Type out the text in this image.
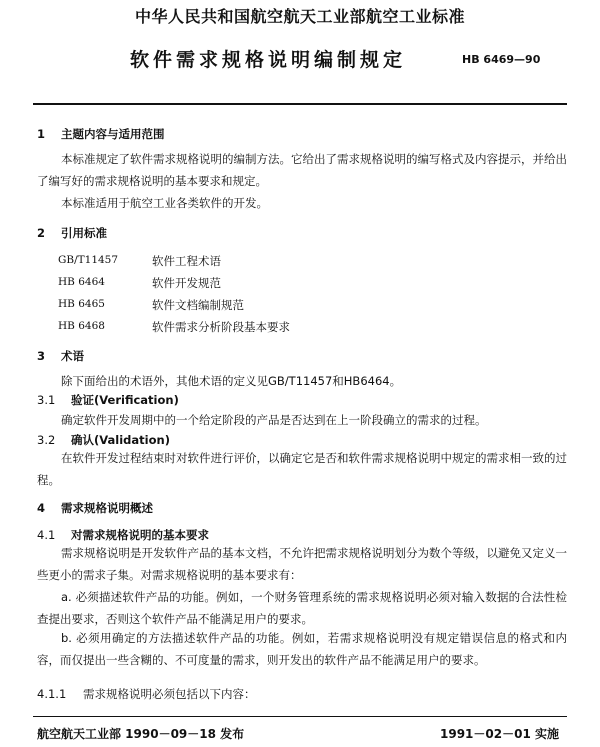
中华人民共和国航空航天工业部航空工业标准
软件需求规格说明编制规定	HB 6469—90
1 主题内容与适用范围
本标准规定了软件需求规格说明的编制方法。它给出了需求规格说明的编写格式及内容提示，并给出了编写好的需求规格说明的基本要求和规定。
本标准适用于航空工业各类软件的开发。
2 引用标准
GB/T11457	软件工程术语
HB 6464	软件开发规范
HB 6465	软件文档编制规范
HB 6468	软件需求分析阶段基本要求
3 术语
除下面给出的术语外，其他术语的定义见GB/T11457和HB6464。
3.1 验证(Verification)
确定软件开发周期中的一个给定阶段的产品是否达到在上一阶段确立的需求的过程。
3.2 确认(Validation)
在软件开发过程结束时对软件进行评价，以确定它是否和软件需求规格说明中规定的需求相一致的过程。
4 需求规格说明概述
4.1 对需求规格说明的基本要求
需求规格说明是开发软件产品的基本文档，不允许把需求规格说明划分为数个等级，以避免又定义一些更小的需求子集。对需求规格说明的基本要求有：
a. 必须描述软件产品的功能。例如，一个财务管理系统的需求规格说明必须对输入数据的合法性检查提出要求，否则这个软件产品不能满足用户的要求。
b. 必须用确定的方法描述软件产品的功能。例如，若需求规格说明没有规定错误信息的格式和内容，而仅提出一些含糊的、不可度量的需求，则开发出的软件产品不能满足用户的要求。
4.1.1 需求规格说明必须包括以下内容：
航空航天工业部 1990－09－18 发布	1991－02－01 实施
